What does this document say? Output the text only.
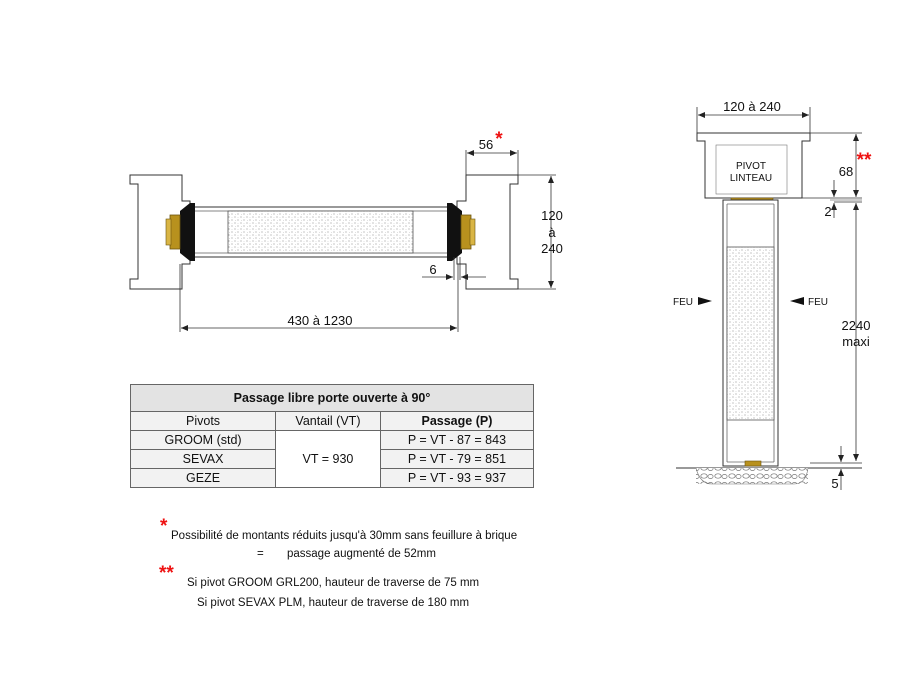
430 à 1230
120
à
240
56 *
6
PIVOT
LINTEAU
FEU	FEU
120 à 240
68
**
2
2240
maxi
5
Passage libre porte ouverte à 90°		
Pivots	Vantail (VT)	Passage (P)
GROOM (std)	VT = 930	P = VT - 87 = 843
SEVAX		P = VT - 79 = 851
GEZE		P = VT - 93 = 937
* Possibilité de montants réduits jusqu'à 30mm sans feuillure à brique
= passage augmenté de 52mm
** Si pivot GROOM GRL200, hauteur de traverse de 75 mm
Si pivot SEVAX PLM, hauteur de traverse de 180 mm
